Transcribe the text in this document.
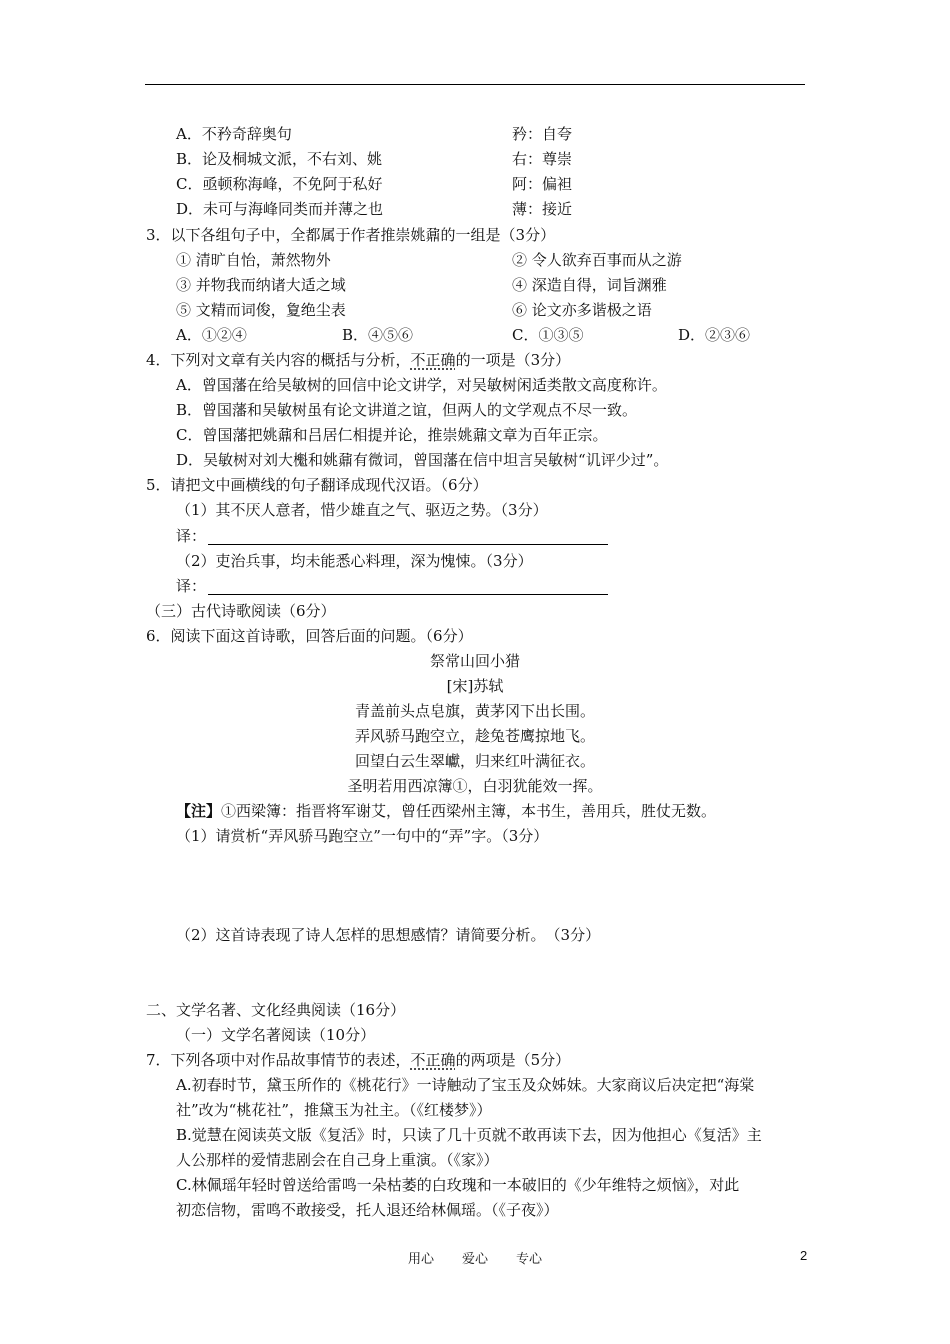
A．不矜奇辞奥句	矜：自夸
B．论及桐城文派，不右刘、姚	右：尊崇
C．亟顿称海峰，不免阿于私好	阿：偏袒
D．未可与海峰同类而并薄之也	薄：接近
3．以下各组句子中，全都属于作者推崇姚鼐的一组是（3分）
① 清旷自怡，萧然物外	② 令人欲弃百事而从之游
③ 并物我而纳诸大适之域	④ 深造自得，词旨渊雅
⑤ 文精而词俊，夐绝尘表	⑥ 论文亦多谐极之语
A．①②④	B．④⑤⑥	C．①③⑤	D．②③⑥
4．下列对文章有关内容的概括与分析，不正确的一项是（3分）
A．曾国藩在给吴敏树的回信中论文讲学，对吴敏树闲适类散文高度称许。
B．曾国藩和吴敏树虽有论文讲道之谊，但两人的文学观点不尽一致。
C．曾国藩把姚鼐和吕居仁相提并论，推崇姚鼐文章为百年正宗。
D．吴敏树对刘大櫆和姚鼐有微词，曾国藩在信中坦言吴敏树“讥评少过”。
5．请把文中画横线的句子翻译成现代汉语。（6分）
（1）其不厌人意者，惜少雄直之气、驱迈之势。（3分）
译：
（2）吏治兵事，均未能悉心料理，深为愧悚。（3分）
译：
（三）古代诗歌阅读（6分）
6．阅读下面这首诗歌，回答后面的问题。（6分）
祭常山回小猎
[宋]苏轼
青盖前头点皂旗，黄茅冈下出长围。
弄风骄马跑空立，趁兔苍鹰掠地飞。
回望白云生翠巘，归来红叶满征衣。
圣明若用西凉簿①，白羽犹能效一挥。
【注】①西梁簿：指晋将军谢艾，曾任西梁州主簿，本书生，善用兵，胜仗无数。
（1）请赏析“弄风骄马跑空立”一句中的“弄”字。（3分）
（2）这首诗表现了诗人怎样的思想感情？请简要分析。　（3分）
二、文学名著、文化经典阅读（16分）
（一）文学名著阅读（10分）
7．下列各项中对作品故事情节的表述，不正确的两项是（5分）
A.初春时节，黛玉所作的《桃花行》一诗触动了宝玉及众姊妹。大家商议后决定把“海棠
社”改为“桃花社”，推黛玉为社主。（《红楼梦》）
B.觉慧在阅读英文版《复活》时，只读了几十页就不敢再读下去，因为他担心《复活》主
人公那样的爱情悲剧会在自己身上重演。（《家》）
C.林佩瑶年轻时曾送给雷鸣一朵枯萎的白玫瑰和一本破旧的《少年维特之烦恼》，对此
初恋信物，雷鸣不敢接受，托人退还给林佩瑶。（《子夜》）
用心 爱心 专心	2
